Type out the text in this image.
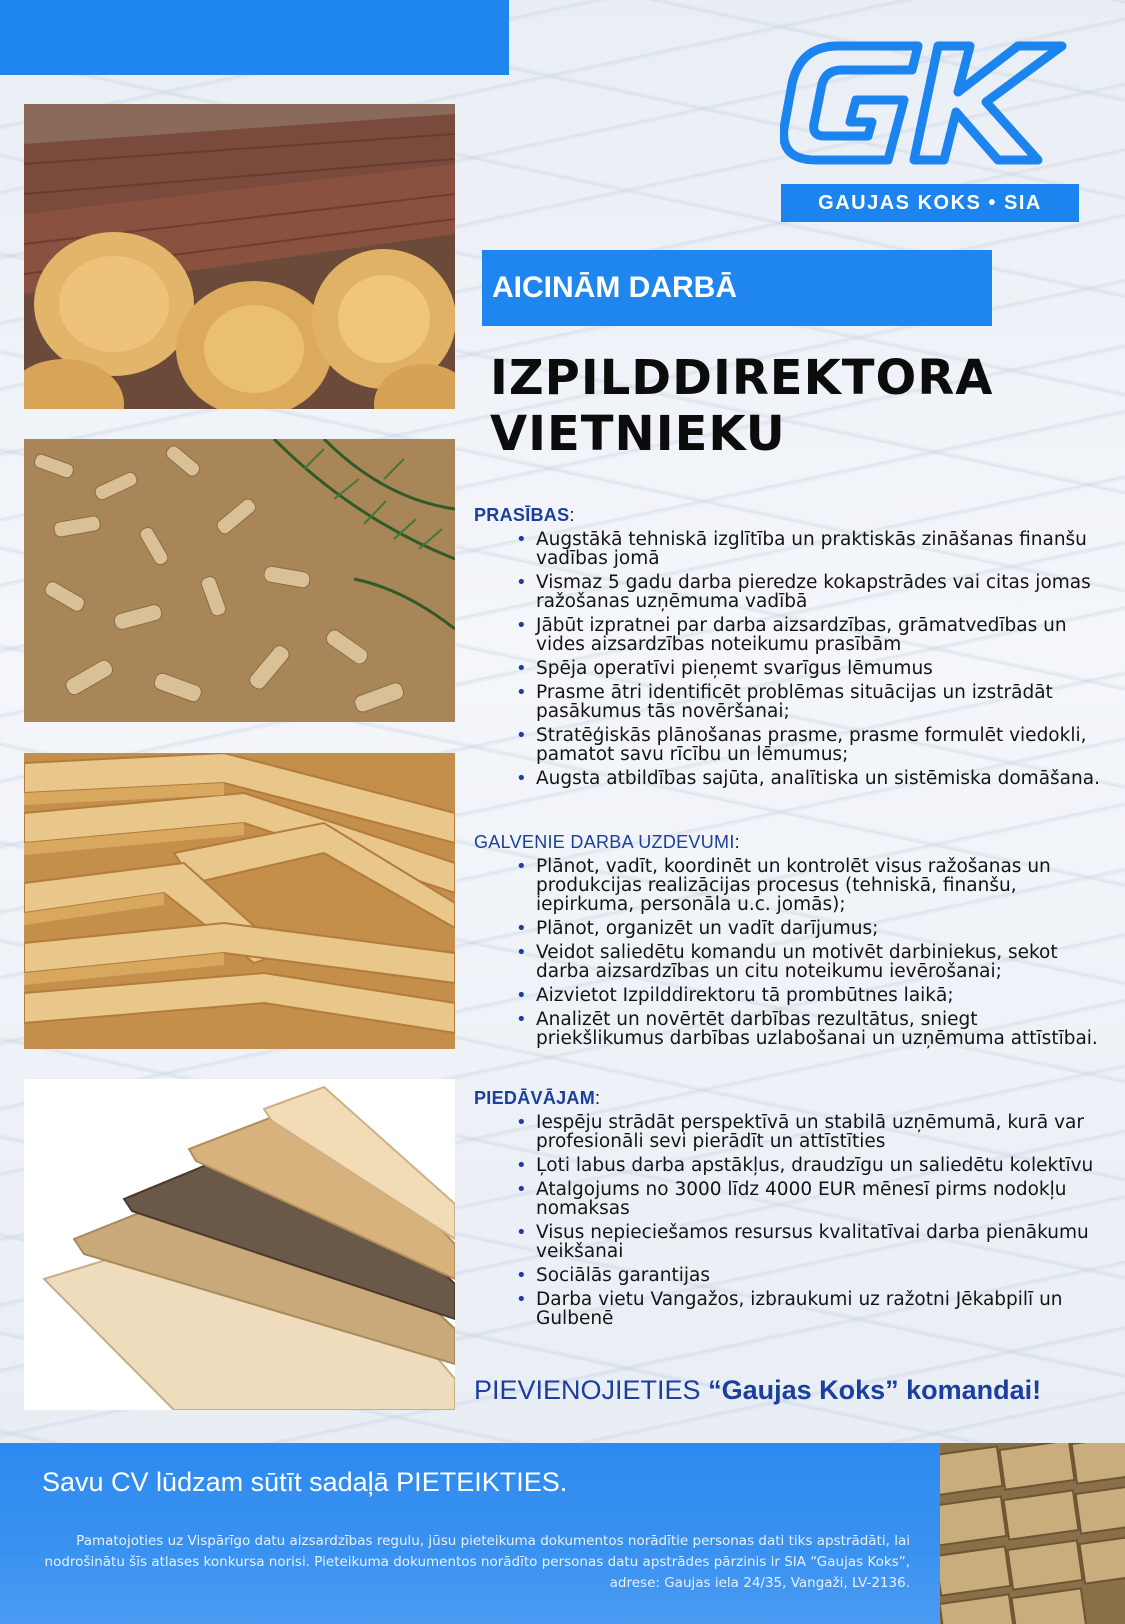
GAUJAS KOKS • SIA
AICINĀM DARBĀ
IZPILDDIREKTORA
VIETNIEKU
PRASĪBAS:
• Augstākā tehniskā izglītība un praktiskās zināšanas finanšu vadības jomā
• Vismaz 5 gadu darba pieredze kokapstrādes vai citas jomas ražošanas uzņēmuma vadībā
• Jābūt izpratnei par darba aizsardzības, grāmatvedības un vides aizsardzības noteikumu prasībām
• Spēja operatīvi pieņemt svarīgus lēmumus
• Prasme ātri identificēt problēmas situācijas un izstrādāt pasākumus tās novēršanai;
• Stratēģiskās plānošanas prasme, prasme formulēt viedokli, pamatot savu rīcību un lēmumus;
• Augsta atbildības sajūta, analītiska un sistēmiska domāšana.
GALVENIE DARBA UZDEVUMI:
• Plānot, vadīt, koordinēt un kontrolēt visus ražošanas un produkcijas realizācijas procesus (tehniskā, finanšu, iepirkuma, personāla u.c. jomās);
• Plānot, organizēt un vadīt darījumus;
• Veidot saliedētu komandu un motivēt darbiniekus, sekot darba aizsardzības un citu noteikumu ievērošanai;
• Aizvietot Izpilddirektoru tā prombūtnes laikā;
• Analizēt un novērtēt darbības rezultātus, sniegt priekšlikumus darbības uzlabošanai un uzņēmuma attīstībai.
PIEDĀVĀJAM:
• Iespēju strādāt perspektīvā un stabilā uzņēmumā, kurā var profesionāli sevi pierādīt un attīstīties
• Ļoti labus darba apstākļus, draudzīgu un saliedētu kolektīvu
• Atalgojums no 3000 līdz 4000 EUR mēnesī pirms nodokļu nomaksas
• Visus nepieciešamos resursus kvalitatīvai darba pienākumu veikšanai
• Sociālās garantijas
• Darba vietu Vangažos, izbraukumi uz ražotni Jēkabpilī un Gulbenē
PIEVIENOJIETIES “Gaujas Koks” komandai!
Savu CV lūdzam sūtīt sadaļā PIETEIKTIES.
Pamatojoties uz Vispārīgo datu aizsardzības regulu, jūsu pieteikuma dokumentos norādītie personas dati tiks apstrādāti, lai
nodrošinātu šīs atlases konkursa norisi. Pieteikuma dokumentos norādīto personas datu apstrādes pārzinis ir SIA “Gaujas Koks”,
adrese: Gaujas iela 24/35, Vangaži, LV-2136.
